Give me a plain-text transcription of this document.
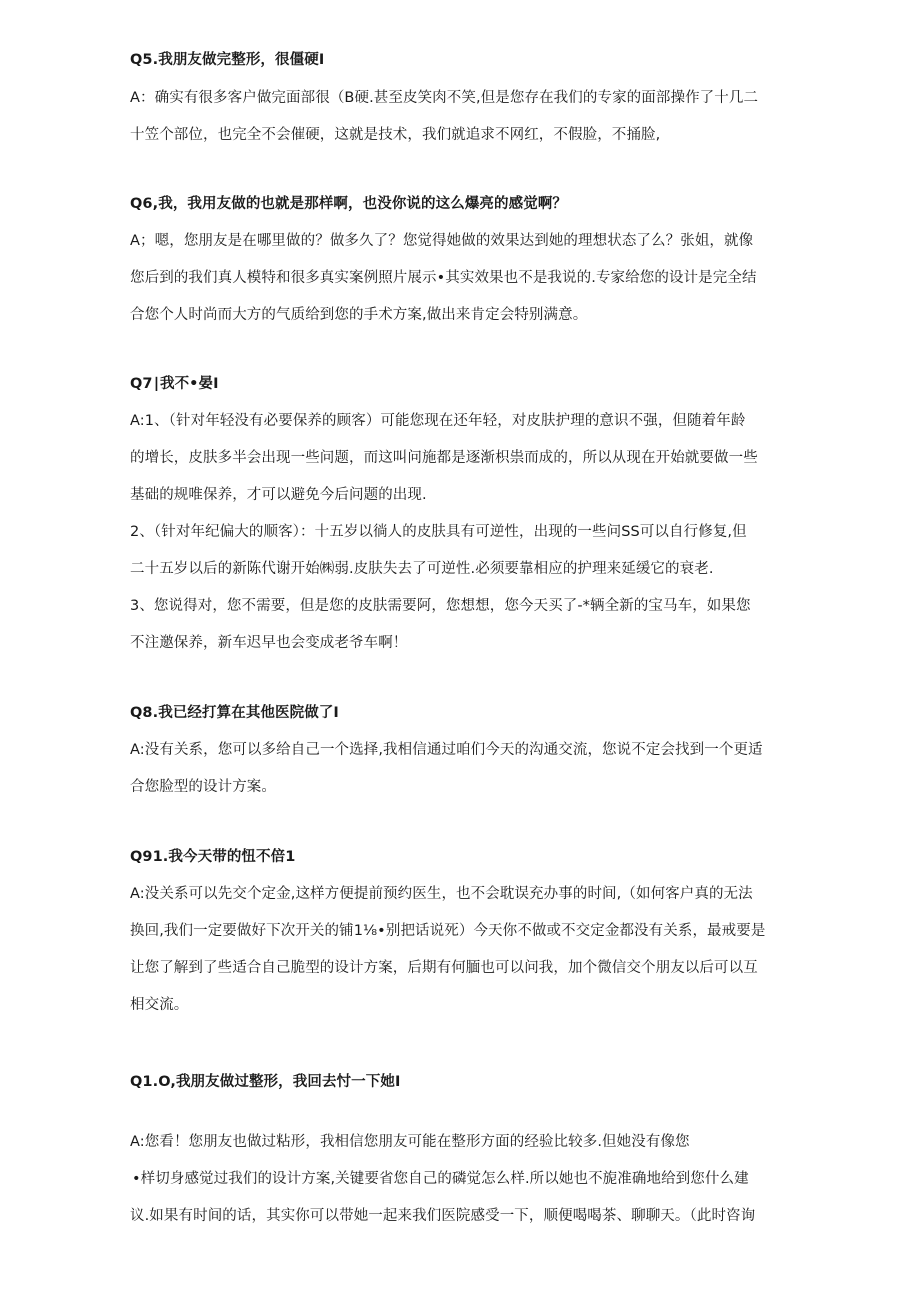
Q5.我朋友做完整形，很僵硬I
A：确实有很多客户做完面部很（B硬.甚至皮笑肉不笑,但是您存在我们的专家的面部操作了十几二
十笠个部位，也完全不会催硬，这就是技术，我们就追求不网红，不假脸，不捅脸,
Q6,我，我用友做的也就是那样啊，也没你说的这么爆亮的感觉啊？
A；嗯，您朋友是在哪里做的？做多久了？您觉得她做的效果达到她的理想状态了么？张姐，就像
您后到的我们真人模特和很多真实案例照片展示•其实效果也不是我说的.专家给您的设计是完全结
合您个人时尚而大方的气质给到您的手术方案,做出来肯定会特别满意。
Q7∣我不•晏I
A:1、（针对年轻没有必要保养的顾客）可能您现在还年轻，对皮肤护理的意识不强，但随着年龄
的增长，皮肤多半会出现一些问题，而这叫问施都是逐渐枳祟而成的，所以从现在开始就要做一些
基础的规唯保养，才可以避免今后问题的出现.
2、（针对年纪偏大的顺客）：十五岁以徜人的皮肤具有可逆性，出现的一些问SS可以自行修复,但
二十五岁以后的新陈代谢开始㈱弱.皮肤失去了可逆性.必须要靠相应的护理来延缓它的衰老.
3、您说得对，您不需要，但是您的皮肤需要阿，您想想，您今天买了-*辆全新的宝马车，如果您
不注邀保养，新车迟早也会变成老爷车啊！
Q8.我已经打算在其他医院做了I
A:没有关系，您可以多给自己一个选择,我相信通过咱们今天的沟通交流，您说不定会找到一个更适
合您脸型的设计方案。
Q91.我今天带的忸不倍1
A:没关系可以先交个定金,这样方便提前预约医生，也不会耽误充办事的时间,（如何客户真的无法
换回,我们一定要做好下次开关的铺1⅛•别把话说死）今天你不做或不交定金都没有关系，最戒要是
让您了解到了些适合自己脆型的设计方案，后期有何腼也可以问我，加个微信交个朋友以后可以互
相交流。
Q1.O,我朋友做过整形，我回去忖一下她I
A:您看！您朋友也做过粘形，我相信您朋友可能在整形方面的经验比较多.但她没有像您
•样切身感觉过我们的设计方案,关键要省您自己的磷觉怎么样.所以她也不旎准确地给到您什么建
议.如果有时间的话，其实你可以带她一起来我们医院感受一下，顺便喝喝茶、聊聊天。（此时咨询
